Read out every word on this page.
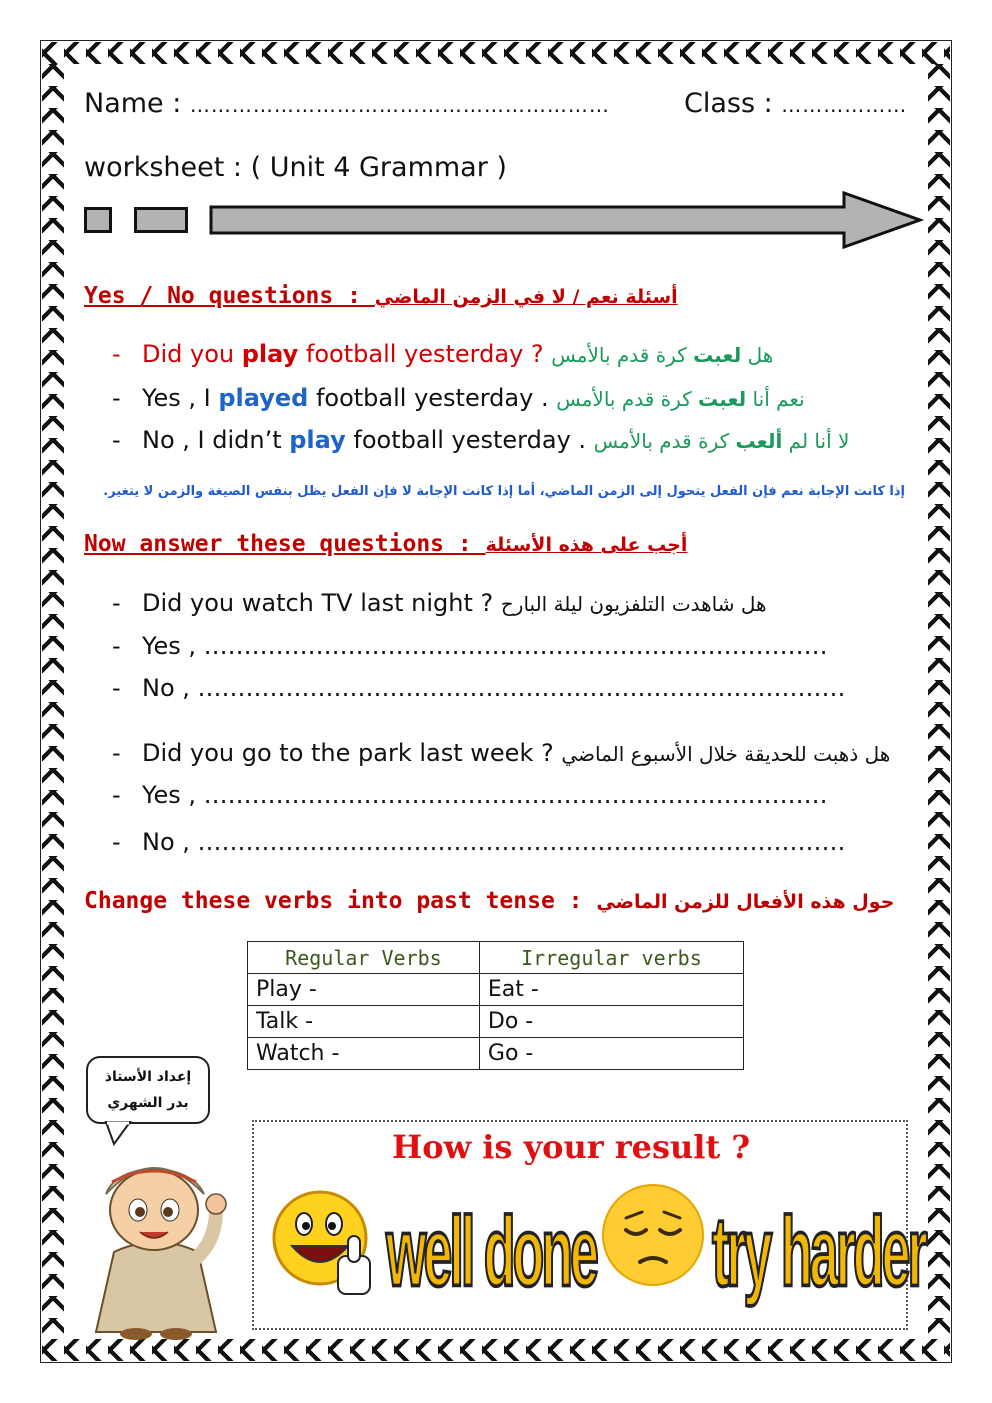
Name : ……………………………………………………	Class : ………………
worksheet : ( Unit 4 Grammar )
Yes / No questions : أسئلة نعم / لا في الزمن الماضي
- Did you play football yesterday ?	هل لعبت كرة قدم بالأمس
- Yes , I played football yesterday .	نعم أنا لعبت كرة قدم بالأمس
- No , I didn’t play football yesterday .	لا أنا لم ألعب كرة قدم بالأمس
إذا كانت الإجابة نعم فإن الفعل يتحول إلى الزمن الماضي، أما إذا كانت الإجابة لا فإن الفعل يظل بنفس الصيغة والزمن لا يتغير.
Now answer these questions : أجب على هذه الأسئلة
- Did you watch TV last night ? هل شاهدت التلفزيون ليلة البارح
- Yes , ……………………………………………………………………
- No , ………………………………………………………………………
- Did you go to the park last week ? هل ذهبت للحديقة خلال الأسبوع الماضي
- Yes , ……………………………………………………………………
- No , ………………………………………………………………………
Change these verbs into past tense : حول هذه الأفعال للزمن الماضي
Regular Verbs	Irregular verbs
Play -	Eat -
Talk -	Do -
Watch -	Go -
إعداد الأستاذ
بدر الشهري
How is your result ?
well done try harder
